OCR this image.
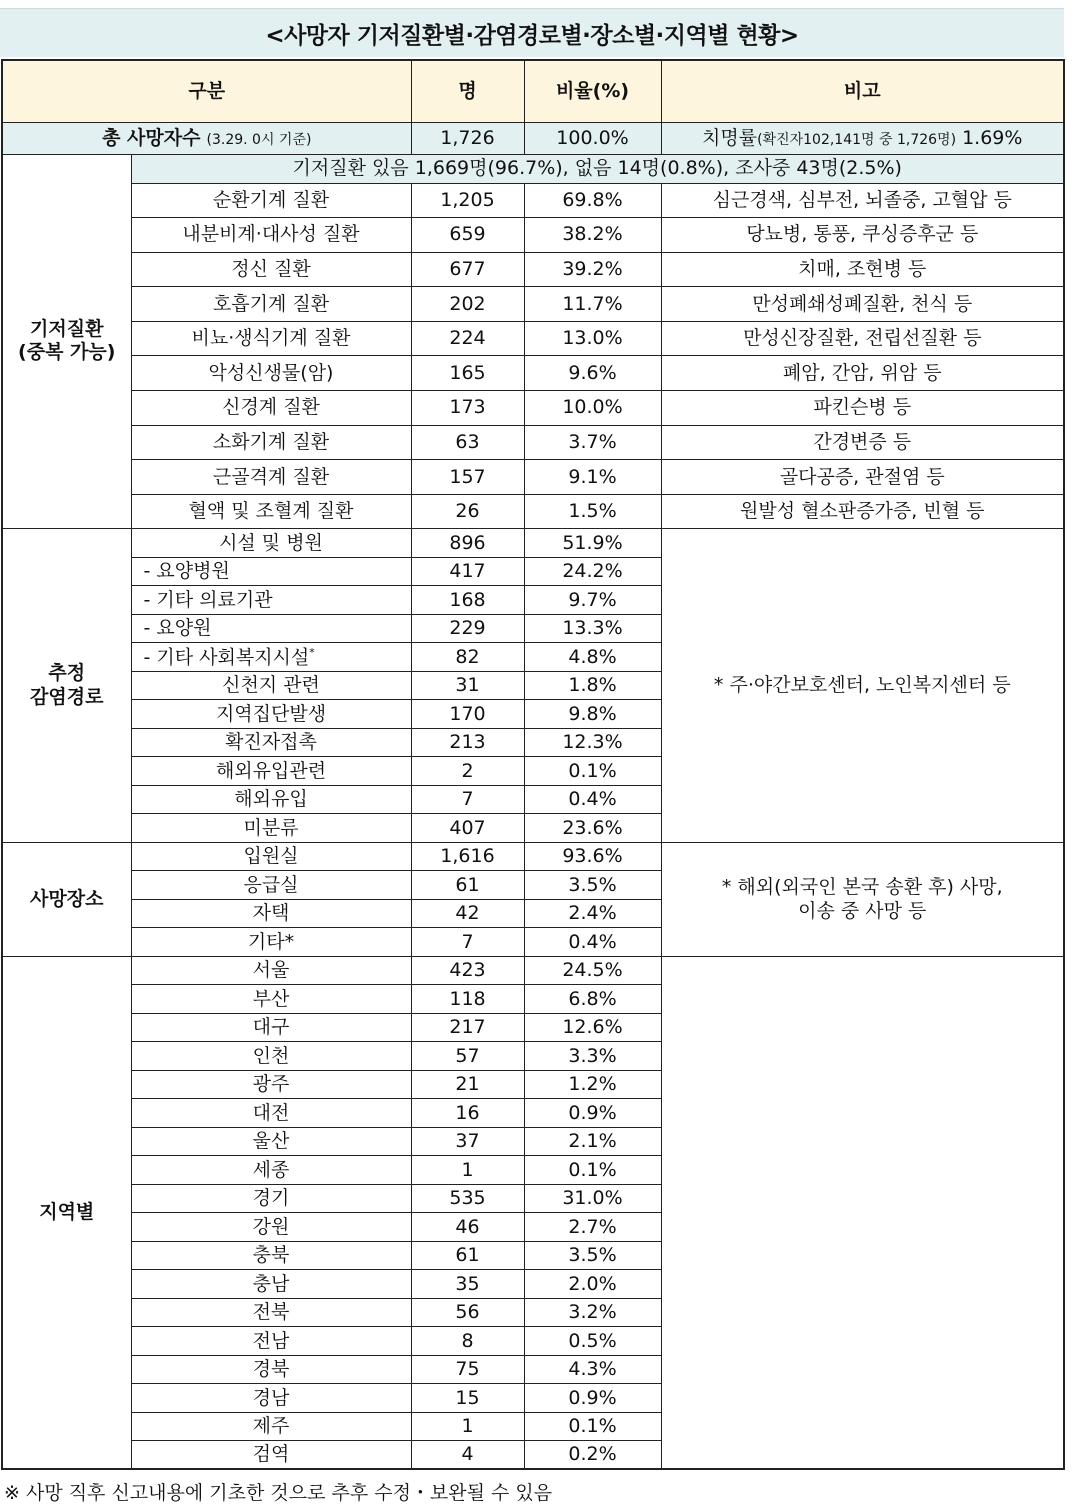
<사망자 기저질환별·감염경로별·장소별·지역별 현황>
구분		명	비율(%)	비고
총 사망자수 (3.29. 0시 기준)		1,726	100.0%	치명률(확진자102,141명 중 1,726명) 1.69%

기저질환
(중복 가능)	기저질환 있음 1,669명(96.7%), 없음 14명(0.8%), 조사중 43명(2.5%)			
	순환기계 질환	1,205	69.8%	심근경색, 심부전, 뇌졸중, 고혈압 등
	내분비계·대사성 질환	659	38.2%	당뇨병, 통풍, 쿠싱증후군 등
	정신 질환	677	39.2%	치매, 조현병 등
	호흡기계 질환	202	11.7%	만성폐쇄성폐질환, 천식 등
	비뇨·생식기계 질환	224	13.0%	만성신장질환, 전립선질환 등
	악성신생물(암)	165	9.6%	폐암, 간암, 위암 등
	신경계 질환	173	10.0%	파킨슨병 등
	소화기계 질환	63	3.7%	간경변증 등
	근골격계 질환	157	9.1%	골다공증, 관절염 등
	혈액 및 조혈계 질환	26	1.5%	원발성 혈소판증가증, 빈혈 등

추정
감염경로	시설 및 병원	896	51.9%	* 주·야간보호센터, 노인복지센터 등
	- 요양병원	417	24.2%	
	- 기타 의료기관	168	9.7%	
	- 요양원	229	13.3%	
	- 기타 사회복지시설*	82	4.8%	
	신천지 관련	31	1.8%	
	지역집단발생	170	9.8%	
	확진자접촉	213	12.3%	
	해외유입관련	2	0.1%	
	해외유입	7	0.4%	
	미분류	407	23.6%	
사망장소	입원실	1,616	93.6%	* 해외(외국인 본국 송환 후) 사망,
이송 중 사망 등

	응급실	61	3.5%	
	자택	42	2.4%	
	기타*	7	0.4%	
지역별	서울	423	24.5%	
	부산	118	6.8%	
	대구	217	12.6%	
	인천	57	3.3%	
	광주	21	1.2%	
	대전	16	0.9%	
	울산	37	2.1%	
	세종	1	0.1%	
	경기	535	31.0%	
	강원	46	2.7%	
	충북	61	3.5%	
	충남	35	2.0%	
	전북	56	3.2%	
	전남	8	0.5%	
	경북	75	4.3%	
	경남	15	0.9%	
	제주	1	0.1%	
	검역	4	0.2%	
※ 사망 직후 신고내용에 기초한 것으로 추후 수정・보완될 수 있음
